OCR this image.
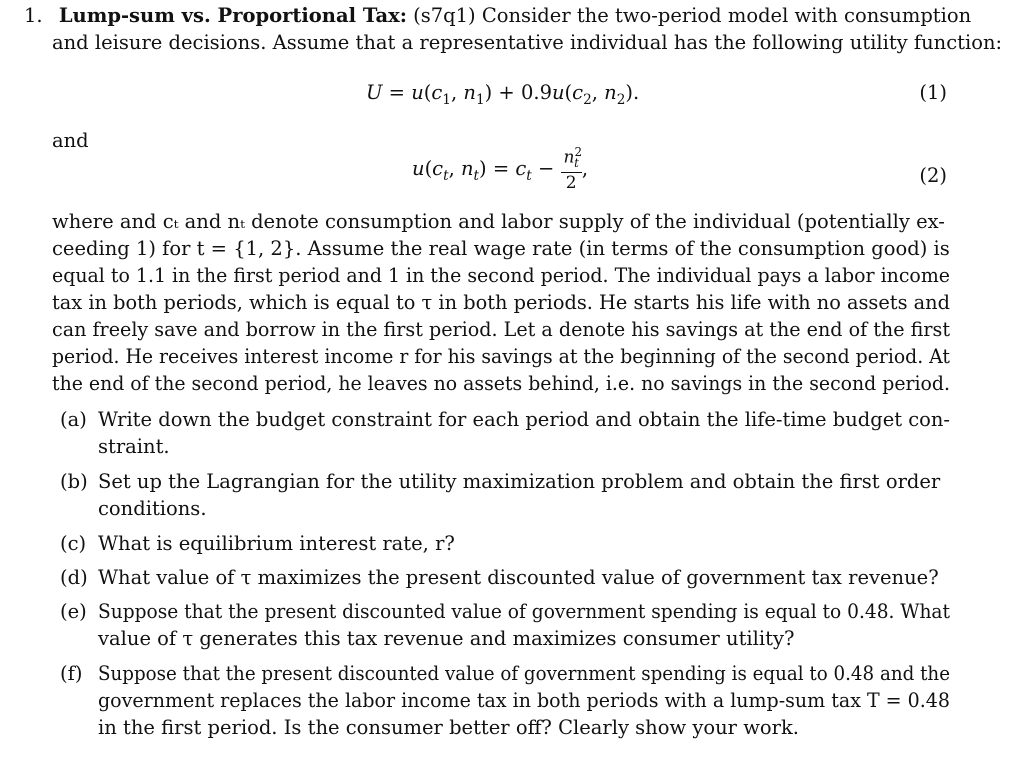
1. Lump-sum vs. Proportional Tax: (s7q1) Consider the two-period model with consumption
and leisure decisions. Assume that a representative individual has the following utility function:
$U = u(c_1$, $n_1) + 0.9u(c_2$, $n_2$).	(1)
and
$u(c_t$, $n_t) = c_t - \frac{n^2_t}{2}$ ,	(2)
where and cₜ and nₜ denote consumption and labor supply of the individual (potentially ex-
ceeding 1) for t = {1, 2}. Assume the real wage rate (in terms of the consumption good) is
equal to 1.1 in the first period and 1 in the second period. The individual pays a labor income
tax in both periods, which is equal to τ in both periods. He starts his life with no assets and
can freely save and borrow in the first period. Let a denote his savings at the end of the first
period. He receives interest income r for his savings at the beginning of the second period. At
the end of the second period, he leaves no assets behind, i.e. no savings in the second period.
(a) Write down the budget constraint for each period and obtain the life-time budget con-
straint.
(b) Set up the Lagrangian for the utility maximization problem and obtain the first order
conditions.
(c) What is equilibrium interest rate, r?
(d) What value of τ maximizes the present discounted value of government tax revenue?
(e) Suppose that the present discounted value of government spending is equal to 0.48. What
value of τ generates this tax revenue and maximizes consumer utility?
(f) Suppose that the present discounted value of government spending is equal to 0.48 and the
government replaces the labor income tax in both periods with a lump-sum tax T = 0.48
in the first period. Is the consumer better off? Clearly show your work.
